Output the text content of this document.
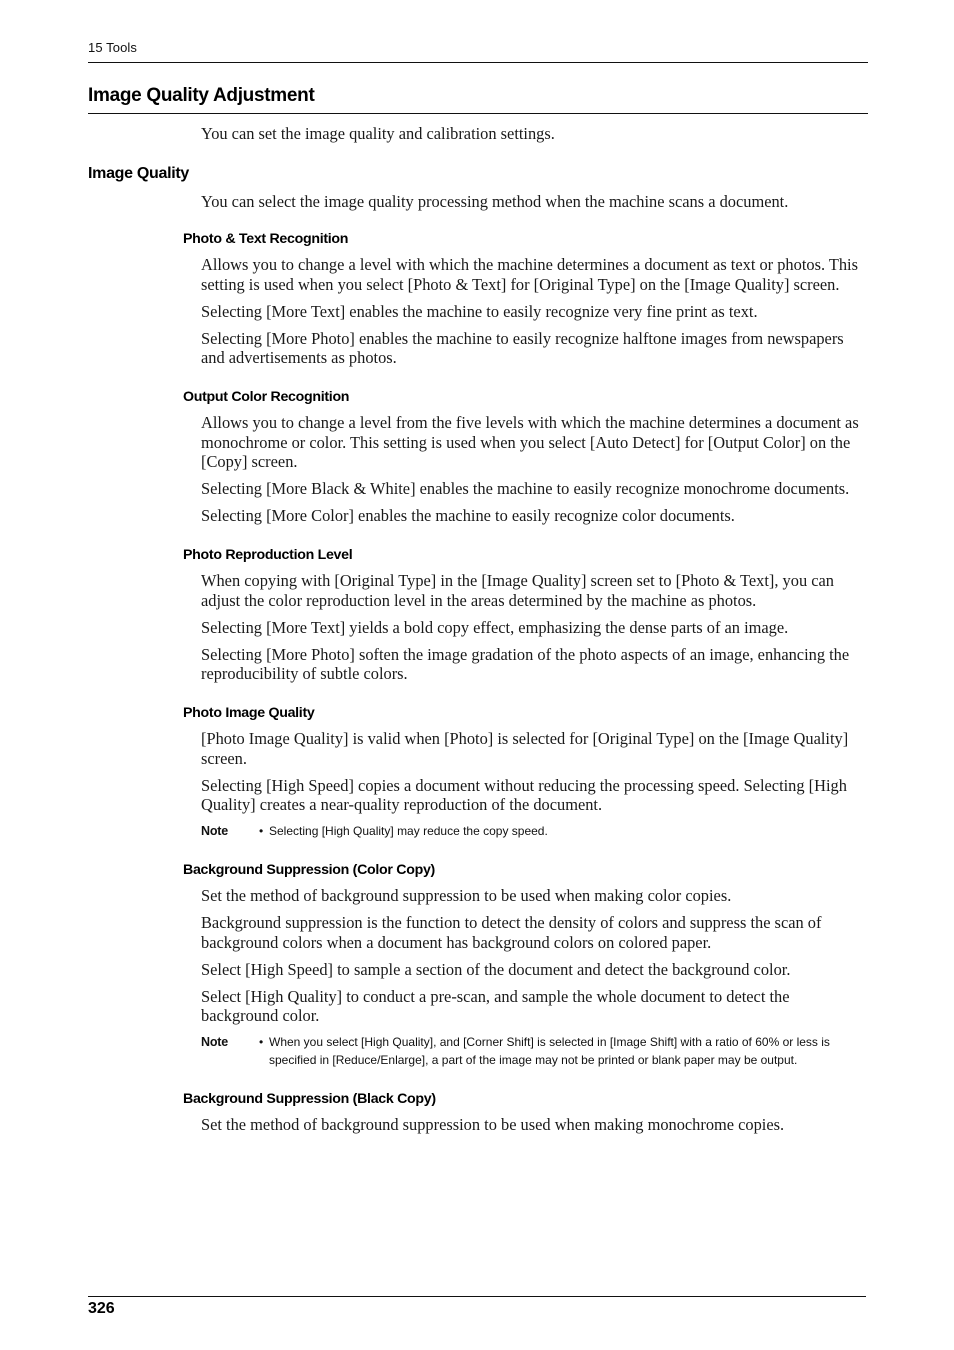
15 Tools
Image Quality Adjustment

You can set the image quality and calibration settings.

Image Quality

You can select the image quality processing method when the machine scans a document.

Photo & Text Recognition

Allows you to change a level with which the machine determines a document as text or photos. This setting is used when you select [Photo & Text] for [Original Type] on the [Image Quality] screen.

Selecting [More Text] enables the machine to easily recognize very fine print as text.

Selecting [More Photo] enables the machine to easily recognize halftone images from newspapers and advertisements as photos.

Output Color Recognition

Allows you to change a level from the five levels with which the machine determines a document as monochrome or color. This setting is used when you select [Auto Detect] for [Output Color] on the [Copy] screen.

Selecting [More Black & White] enables the machine to easily recognize monochrome documents.

Selecting [More Color] enables the machine to easily recognize color documents.

Photo Reproduction Level

When copying with [Original Type] in the [Image Quality] screen set to [Photo & Text], you can adjust the color reproduction level in the areas determined by the machine as photos.

Selecting [More Text] yields a bold copy effect, emphasizing the dense parts of an image.

Selecting [More Photo] soften the image gradation of the photo aspects of an image, enhancing the reproducibility of subtle colors.

Photo Image Quality

[Photo Image Quality] is valid when [Photo] is selected for [Original Type] on the [Image Quality] screen.

Selecting [High Speed] copies a document without reducing the processing speed. Selecting [High Quality] creates a near-quality reproduction of the document.

Note	• Selecting [High Quality] may reduce the copy speed.
Background Suppression (Color Copy)

Set the method of background suppression to be used when making color copies.

Background suppression is the function to detect the density of colors and suppress the scan of background colors when a document has background colors on colored paper.

Select [High Speed] to sample a section of the document and detect the background color.

Select [High Quality] to conduct a pre-scan, and sample the whole document to detect the background color.

Note	• When you select [High Quality], and [Corner Shift] is selected in [Image Shift] with a ratio of 60% or less is specified in [Reduce/Enlarge], a part of the image may not be printed or blank paper may be output.
Background Suppression (Black Copy)

Set the method of background suppression to be used when making monochrome copies.

326
